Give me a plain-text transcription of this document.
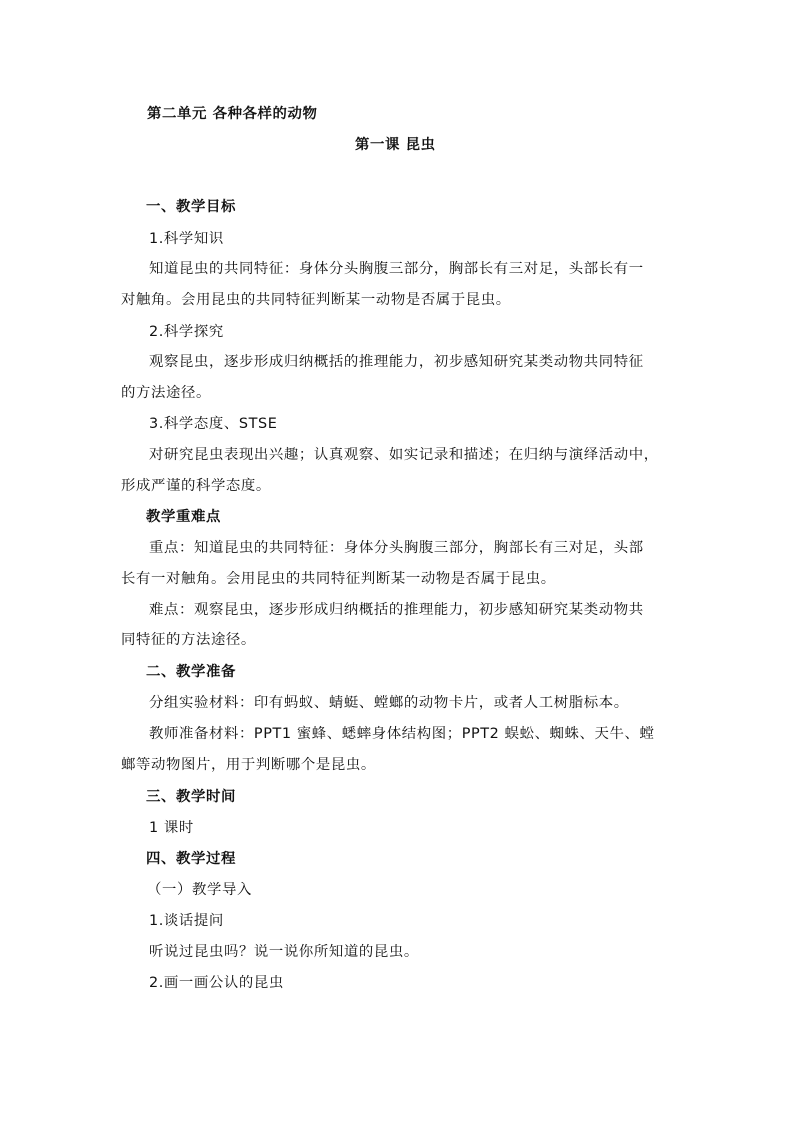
第二单元 各种各样的动物
第一课 昆虫
一、教学目标
1.科学知识
知道昆虫的共同特征：身体分头胸腹三部分，胸部长有三对足，头部长有一
对触角。会用昆虫的共同特征判断某一动物是否属于昆虫。
2.科学探究
观察昆虫，逐步形成归纳概括的推理能力，初步感知研究某类动物共同特征
的方法途径。
3.科学态度、STSE
对研究昆虫表现出兴趣；认真观察、如实记录和描述；在归纳与演绎活动中，
形成严谨的科学态度。
教学重难点
重点：知道昆虫的共同特征：身体分头胸腹三部分，胸部长有三对足，头部
长有一对触角。会用昆虫的共同特征判断某一动物是否属于昆虫。
难点：观察昆虫，逐步形成归纳概括的推理能力，初步感知研究某类动物共
同特征的方法途径。
二、教学准备
分组实验材料：印有蚂蚁、蜻蜓、螳螂的动物卡片，或者人工树脂标本。
教师准备材料：PPT1 蜜蜂、蟋蟀身体结构图；PPT2 蜈蚣、蜘蛛、天牛、螳
螂等动物图片，用于判断哪个是昆虫。
三、教学时间
1 课时
四、教学过程
（一）教学导入
1.谈话提问
听说过昆虫吗？说一说你所知道的昆虫。
2.画一画公认的昆虫
